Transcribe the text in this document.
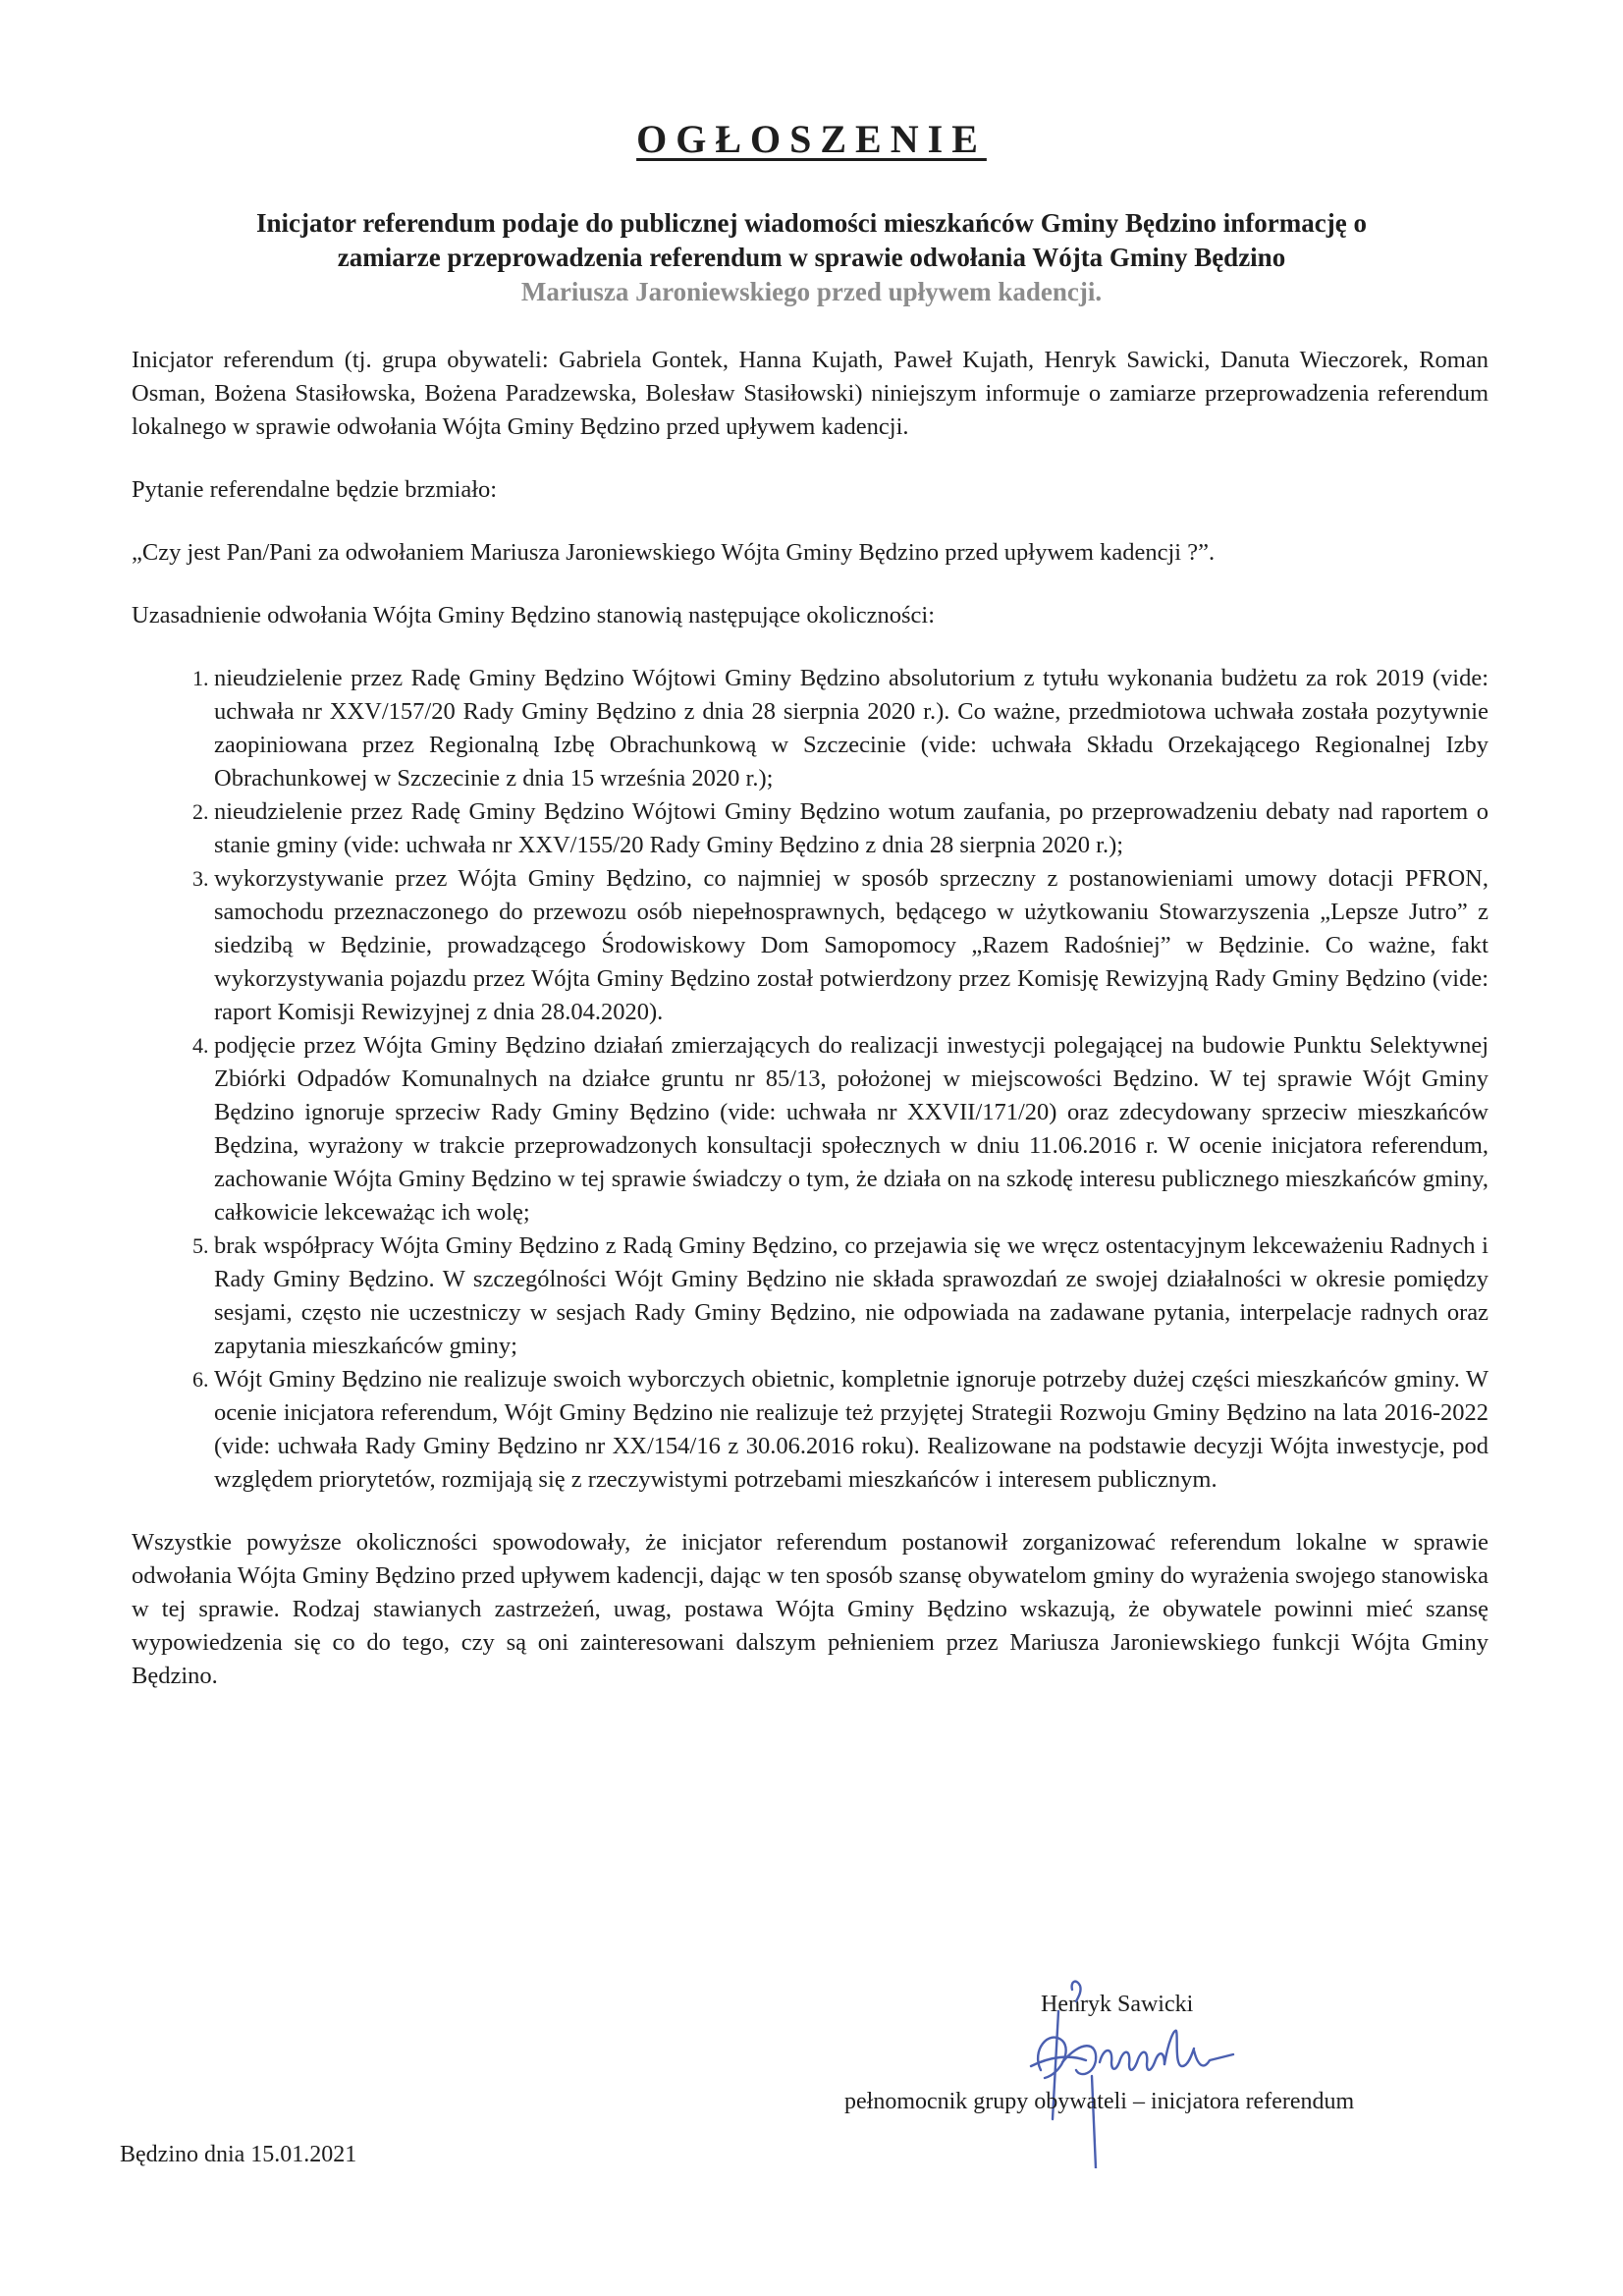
OGŁOSZENIE
Inicjator referendum podaje do publicznej wiadomości mieszkańców Gminy Będzino informację o
zamiarze przeprowadzenia referendum w sprawie odwołania Wójta Gminy Będzino
Mariusza Jaroniewskiego przed upływem kadencji.

Inicjator referendum (tj. grupa obywateli: Gabriela Gontek, Hanna Kujath, Paweł Kujath, Henryk Sawicki, Danuta Wieczorek, Roman Osman, Bożena Stasiłowska, Bożena Paradzewska, Bolesław Stasiłowski) niniejszym informuje o zamiarze przeprowadzenia referendum lokalnego w sprawie odwołania Wójta Gminy Będzino przed upływem kadencji.

Pytanie referendalne będzie brzmiało:

„Czy jest Pan/Pani za odwołaniem Mariusza Jaroniewskiego Wójta Gminy Będzino przed upływem kadencji ?”.

Uzasadnienie odwołania Wójta Gminy Będzino stanowią następujące okoliczności:

1. nieudzielenie przez Radę Gminy Będzino Wójtowi Gminy Będzino absolutorium z tytułu wykonania budżetu za rok 2019 (vide: uchwała nr XXV/157/20 Rady Gminy Będzino z dnia 28 sierpnia 2020 r.). Co ważne, przedmiotowa uchwała została pozytywnie zaopiniowana przez Regionalną Izbę Obrachunkową w Szczecinie (vide: uchwała Składu Orzekającego Regionalnej Izby Obrachunkowej w Szczecinie z dnia 15 września 2020 r.);
2. nieudzielenie przez Radę Gminy Będzino Wójtowi Gminy Będzino wotum zaufania, po przeprowadzeniu debaty nad raportem o stanie gminy (vide: uchwała nr XXV/155/20 Rady Gminy Będzino z dnia 28 sierpnia 2020 r.);
3. wykorzystywanie przez Wójta Gminy Będzino, co najmniej w sposób sprzeczny z postanowieniami umowy dotacji PFRON, samochodu przeznaczonego do przewozu osób niepełnosprawnych, będącego w użytkowaniu Stowarzyszenia „Lepsze Jutro” z siedzibą w Będzinie, prowadzącego Środowiskowy Dom Samopomocy „Razem Radośniej” w Będzinie. Co ważne, fakt wykorzystywania pojazdu przez Wójta Gminy Będzino został potwierdzony przez Komisję Rewizyjną Rady Gminy Będzino (vide: raport Komisji Rewizyjnej z dnia 28.04.2020).
4. podjęcie przez Wójta Gminy Będzino działań zmierzających do realizacji inwestycji polegającej na budowie Punktu Selektywnej Zbiórki Odpadów Komunalnych na działce gruntu nr 85/13, położonej w miejscowości Będzino. W tej sprawie Wójt Gminy Będzino ignoruje sprzeciw Rady Gminy Będzino (vide: uchwała nr XXVII/171/20) oraz zdecydowany sprzeciw mieszkańców Będzina, wyrażony w trakcie przeprowadzonych konsultacji społecznych w dniu 11.06.2016 r. W ocenie inicjatora referendum, zachowanie Wójta Gminy Będzino w tej sprawie świadczy o tym, że działa on na szkodę interesu publicznego mieszkańców gminy, całkowicie lekceważąc ich wolę;
5. brak współpracy Wójta Gminy Będzino z Radą Gminy Będzino, co przejawia się we wręcz ostentacyjnym lekceważeniu Radnych i Rady Gminy Będzino. W szczególności Wójt Gminy Będzino nie składa sprawozdań ze swojej działalności w okresie pomiędzy sesjami, często nie uczestniczy w sesjach Rady Gminy Będzino, nie odpowiada na zadawane pytania, interpelacje radnych oraz zapytania mieszkańców gminy;
6. Wójt Gminy Będzino nie realizuje swoich wyborczych obietnic, kompletnie ignoruje potrzeby dużej części mieszkańców gminy. W ocenie inicjatora referendum, Wójt Gminy Będzino nie realizuje też przyjętej Strategii Rozwoju Gminy Będzino na lata 2016-2022 (vide: uchwała Rady Gminy Będzino nr XX/154/16 z 30.06.2016 roku). Realizowane na podstawie decyzji Wójta inwestycje, pod względem priorytetów, rozmijają się z rzeczywistymi potrzebami mieszkańców i interesem publicznym.

Wszystkie powyższe okoliczności spowodowały, że inicjator referendum postanowił zorganizować referendum lokalne w sprawie odwołania Wójta Gminy Będzino przed upływem kadencji, dając w ten sposób szansę obywatelom gminy do wyrażenia swojego stanowiska w tej sprawie. Rodzaj stawianych zastrzeżeń, uwag, postawa Wójta Gminy Będzino wskazują, że obywatele powinni mieć szansę wypowiedzenia się co do tego, czy są oni zainteresowani dalszym pełnieniem przez Mariusza Jaroniewskiego funkcji Wójta Gminy Będzino.

Henryk Sawicki
pełnomocnik grupy obywateli – inicjatora referendum
Będzino dnia 15.01.2021
